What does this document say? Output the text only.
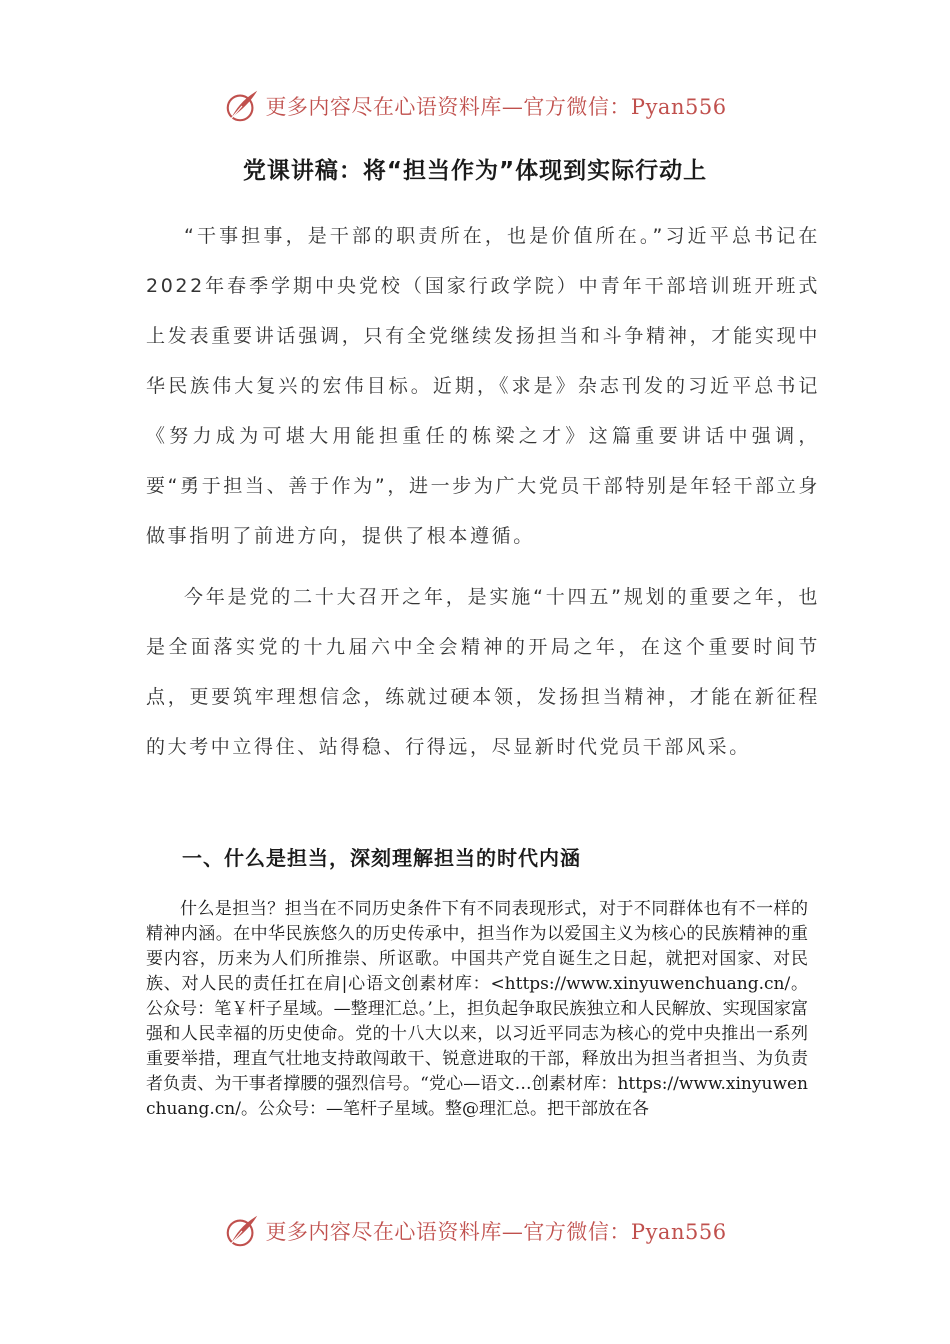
更多内容尽在心语资料库—官方微信：Pyan556
党课讲稿：将“担当作为”体现到实际行动上

“干事担事，是干部的职责所在，也是价值所在。”习近平总书记在2022年春季学期中央党校（国家行政学院）中青年干部培训班开班式上发表重要讲话强调，只有全党继续发扬担当和斗争精神，才能实现中华民族伟大复兴的宏伟目标。近期，《求是》杂志刊发的习近平总书记《努力成为可堪大用能担重任的栋梁之才》这篇重要讲话中强调，要“勇于担当、善于作为”，进一步为广大党员干部特别是年轻干部立身做事指明了前进方向，提供了根本遵循。

今年是党的二十大召开之年，是实施“十四五”规划的重要之年，也是全面落实党的十九届六中全会精神的开局之年，在这个重要时间节点，更要筑牢理想信念，练就过硬本领，发扬担当精神，才能在新征程的大考中立得住、站得稳、行得远，尽显新时代党员干部风采。

一、什么是担当，深刻理解担当的时代内涵

什么是担当？担当在不同历史条件下有不同表现形式，对于不同群体也有不一样的精神内涵。在中华民族悠久的历史传承中，担当作为以爱国主义为核心的民族精神的重要内容，历来为人们所推崇、所讴歌。中国共产党自诞生之日起，就把对国家、对民族、对人民的责任扛在肩|心语文创素材库：<https://www.xinyuwenchuang.cn/。公众号：笔￥杆子星域。—整理汇总。’上，担负起争取民族独立和人民解放、实现国家富强和人民幸福的历史使命。党的十八大以来，以习近平同志为核心的党中央推出一系列重要举措，理直气壮地支持敢闯敢干、锐意进取的干部，释放出为担当者担当、为负责者负责、为干事者撑腰的强烈信号。“党心—语文…创素材库：https://www.xinyuwenchuang.cn/。公众号：—笔杆子星域。整@理汇总。把干部放在各

更多内容尽在心语资料库—官方微信：Pyan556
